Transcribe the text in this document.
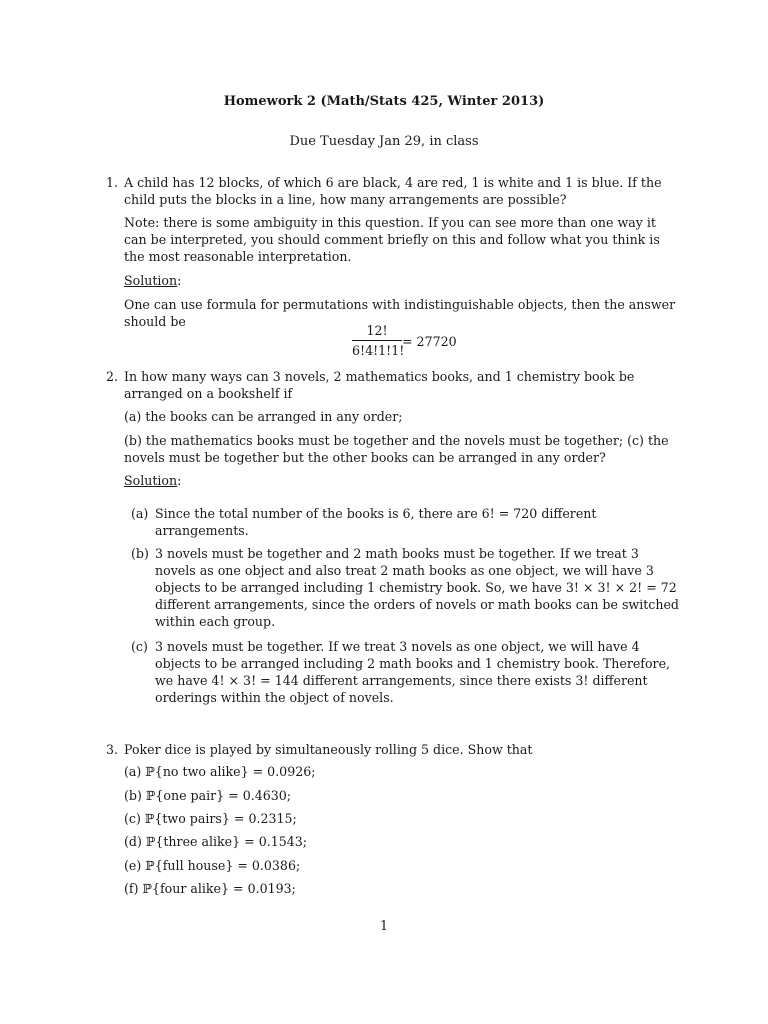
Homework 2 (Math/Stats 425, Winter 2013)
Due Tuesday Jan 29, in class
1. A child has 12 blocks, of which 6 are black, 4 are red, 1 is white and 1 is blue. If the child puts the blocks in a line, how many arrangements are possible?
Note: there is some ambiguity in this question. If you can see more than one way it can be interpreted, you should comment briefly on this and follow what you think is the most reasonable interpretation.
Solution:
One can use formula for permutations with indistinguishable objects, then the answer should be
12!
6!4!1!1!
= 27720
2. In how many ways can 3 novels, 2 mathematics books, and 1 chemistry book be arranged on a bookshelf if
(a) the books can be arranged in any order;
(b) the mathematics books must be together and the novels must be together; (c) the novels must be together but the other books can be arranged in any order?
Solution:
(a) Since the total number of the books is 6, there are 6! = 720 different arrangements.
(b) 3 novels must be together and 2 math books must be together. If we treat 3 novels as one object and also treat 2 math books as one object, we will have 3 objects to be arranged including 1 chemistry book. So, we have 3! × 3! × 2! = 72 different arrangements, since the orders of novels or math books can be switched within each group.
(c) 3 novels must be together. If we treat 3 novels as one object, we will have 4 objects to be arranged including 2 math books and 1 chemistry book. Therefore, we have 4! × 3! = 144 different arrangements, since there exists 3! different orderings within the object of novels.
3. Poker dice is played by simultaneously rolling 5 dice. Show that
(a) ℙ{no two alike} = 0.0926;
(b) ℙ{one pair} = 0.4630;
(c) ℙ{two pairs} = 0.2315;
(d) ℙ{three alike} = 0.1543;
(e) ℙ{full house} = 0.0386;
(f) ℙ{four alike} = 0.0193;
1
